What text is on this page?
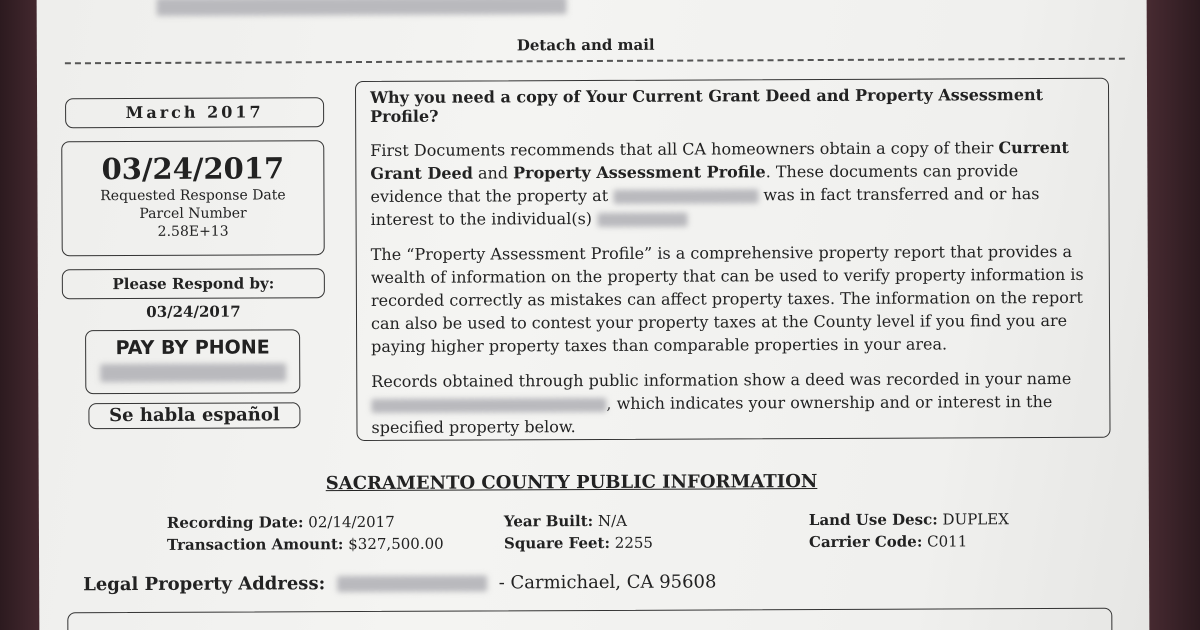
Detach and mail
March 2017
03/24/2017
Requested Response Date
Parcel Number
2.58E+13
Please Respond by: 03/24/2017
PAY BY PHONE
Se habla español
Why you need a copy of Your Current Grant Deed and Property Assessment Profile?

First Documents recommends that all CA homeowners obtain a copy of their Current Grant Deed and Property Assessment Profile. These documents can provide evidence that the property at	was in fact transferred and or has interest to the individual(s)

The “Property Assessment Profile” is a comprehensive property report that provides a wealth of information on the property that can be used to verify property information is recorded correctly as mistakes can affect property taxes. The information on the report can also be used to contest your property taxes at the County level if you find you are paying higher property taxes than comparable properties in your area.

Records obtained through public information show a deed was recorded in your name , which indicates your ownership and or interest in the specified property below.

SACRAMENTO COUNTY PUBLIC INFORMATION
Recording Date: 02/14/2017
Transaction Amount: $327,500.00
Year Built: N/A
Square Feet: 2255
Land Use Desc: DUPLEX
Carrier Code: C011
Legal Property Address:	- Carmichael, CA 95608
